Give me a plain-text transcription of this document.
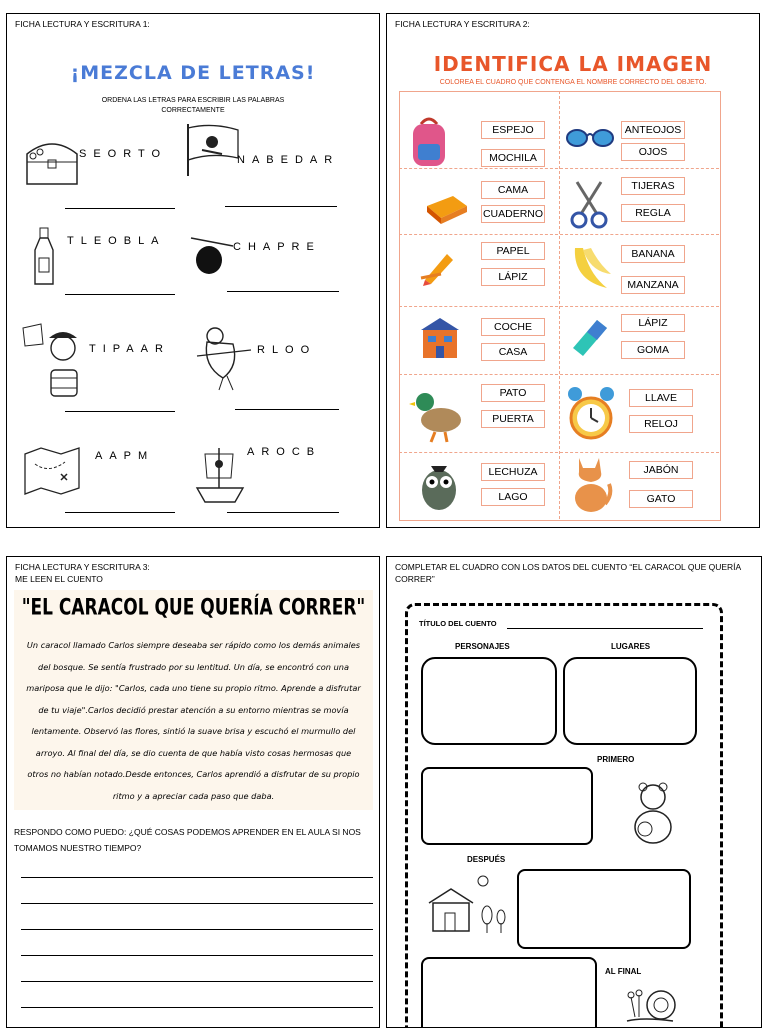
FICHA LECTURA Y ESCRITURA 1:
¡MEZCLA DE LETRAS!
ORDENA LAS LETRAS PARA ESCRIBIR LAS PALABRAS
CORRECTAMENTE
SEORTO	NABEDAR
TLEOBLA	CHAPRE
TIPAAR	RLOO
AAPM	AROCB
FICHA LECTURA Y ESCRITURA 2:
IDENTIFICA LA IMAGEN
COLOREA EL CUADRO QUE CONTENGA EL NOMBRE CORRECTO DEL OBJETO.
ESPEJO
MOCHILA
ANTEOJOS
OJOS
CAMA
CUADERNO
TIJERAS
REGLA
PAPEL
LÁPIZ
BANANA
MANZANA
COCHE
CASA
LÁPIZ
GOMA
PATO
PUERTA
LLAVE
RELOJ
LECHUZA
LAGO
JABÓN
GATO
FICHA LECTURA Y ESCRITURA 3:
ME LEEN EL CUENTO
"EL CARACOL QUE QUERÍA CORRER"

Un caracol llamado Carlos siempre deseaba ser rápido como los demás animales

del bosque. Se sentía frustrado por su lentitud. Un día, se encontró con una

mariposa que le dijo: "Carlos, cada uno tiene su propio ritmo. Aprende a disfrutar

de tu viaje".Carlos decidió prestar atención a su entorno mientras se movía

lentamente. Observó las flores, sintió la suave brisa y escuchó el murmullo del

arroyo. Al final del día, se dio cuenta de que había visto cosas hermosas que

otros no habían notado.Desde entonces, Carlos aprendió a disfrutar de su propio

ritmo y a apreciar cada paso que daba.

RESPONDO COMO PUEDO: ¿QUÉ COSAS PODEMOS APRENDER EN EL AULA SI NOS
TOMAMOS NUESTRO TIEMPO?
COMPLETAR EL CUADRO CON LOS DATOS DEL CUENTO “EL CARACOL QUE QUERÍA
CORRER”
TÍTULO DEL CUENTO
PERSONAJES	LUGARES
PRIMERO
DESPUÉS
AL FINAL
